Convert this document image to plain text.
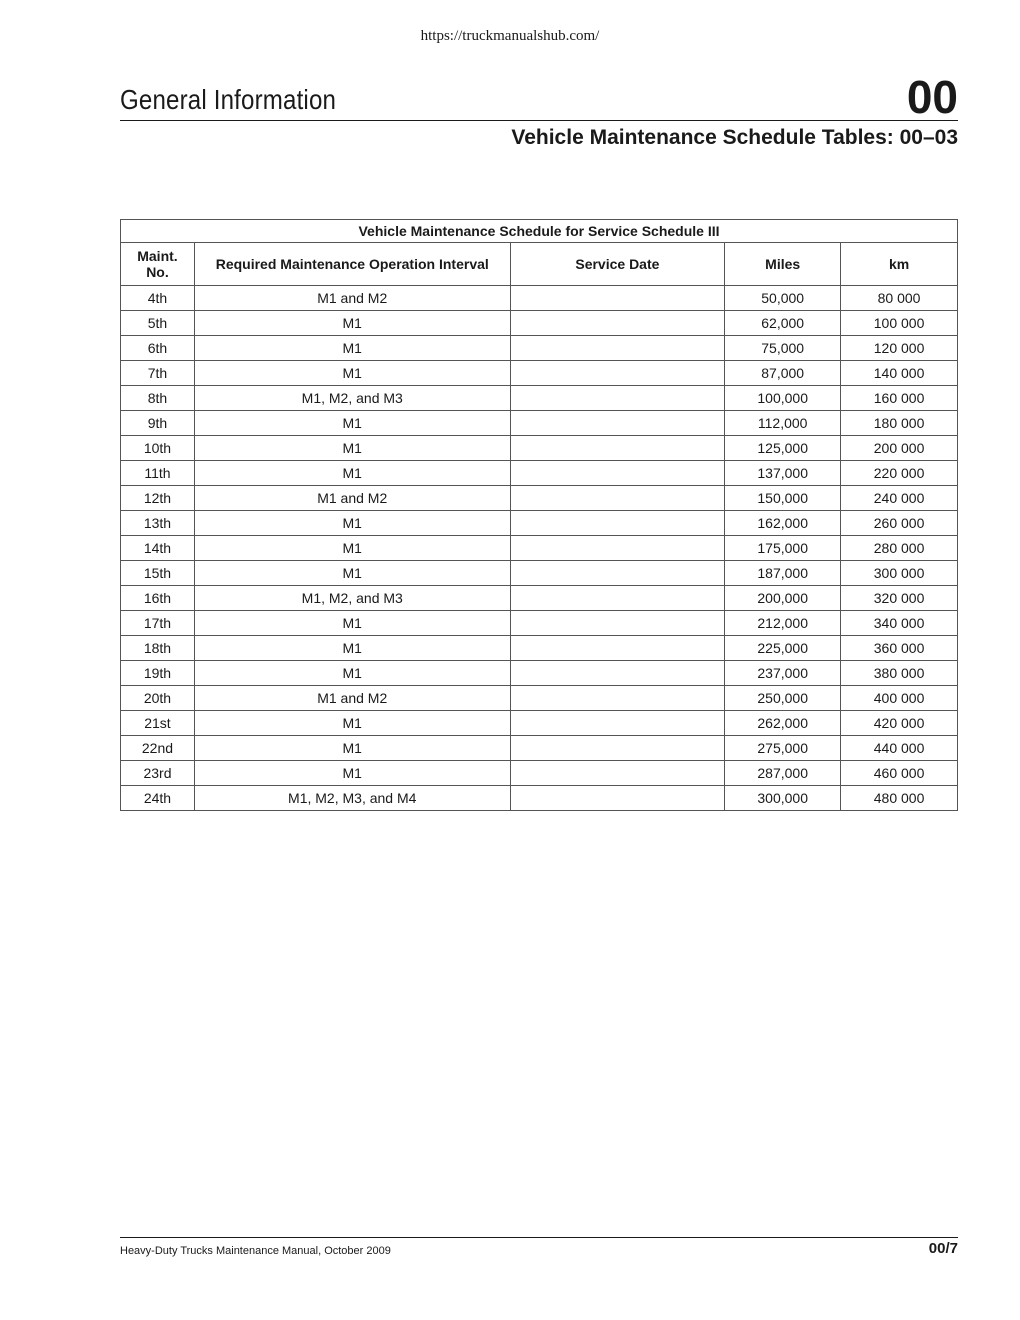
https://truckmanualshub.com/
General Information	00
Vehicle Maintenance Schedule Tables: 00–03
Vehicle Maintenance Schedule for Service Schedule III				
Maint. No.	Required Maintenance Operation Interval	Service Date	Miles	km
4th	M1 and M2		50,000	80 000
5th	M1		62,000	100 000
6th	M1		75,000	120 000
7th	M1		87,000	140 000
8th	M1, M2, and M3		100,000	160 000
9th	M1		112,000	180 000
10th	M1		125,000	200 000
11th	M1		137,000	220 000
12th	M1 and M2		150,000	240 000
13th	M1		162,000	260 000
14th	M1		175,000	280 000
15th	M1		187,000	300 000
16th	M1, M2, and M3		200,000	320 000
17th	M1		212,000	340 000
18th	M1		225,000	360 000
19th	M1		237,000	380 000
20th	M1 and M2		250,000	400 000
21st	M1		262,000	420 000
22nd	M1		275,000	440 000
23rd	M1		287,000	460 000
24th	M1, M2, M3, and M4		300,000	480 000
Heavy-Duty Trucks Maintenance Manual, October 2009	00/7
